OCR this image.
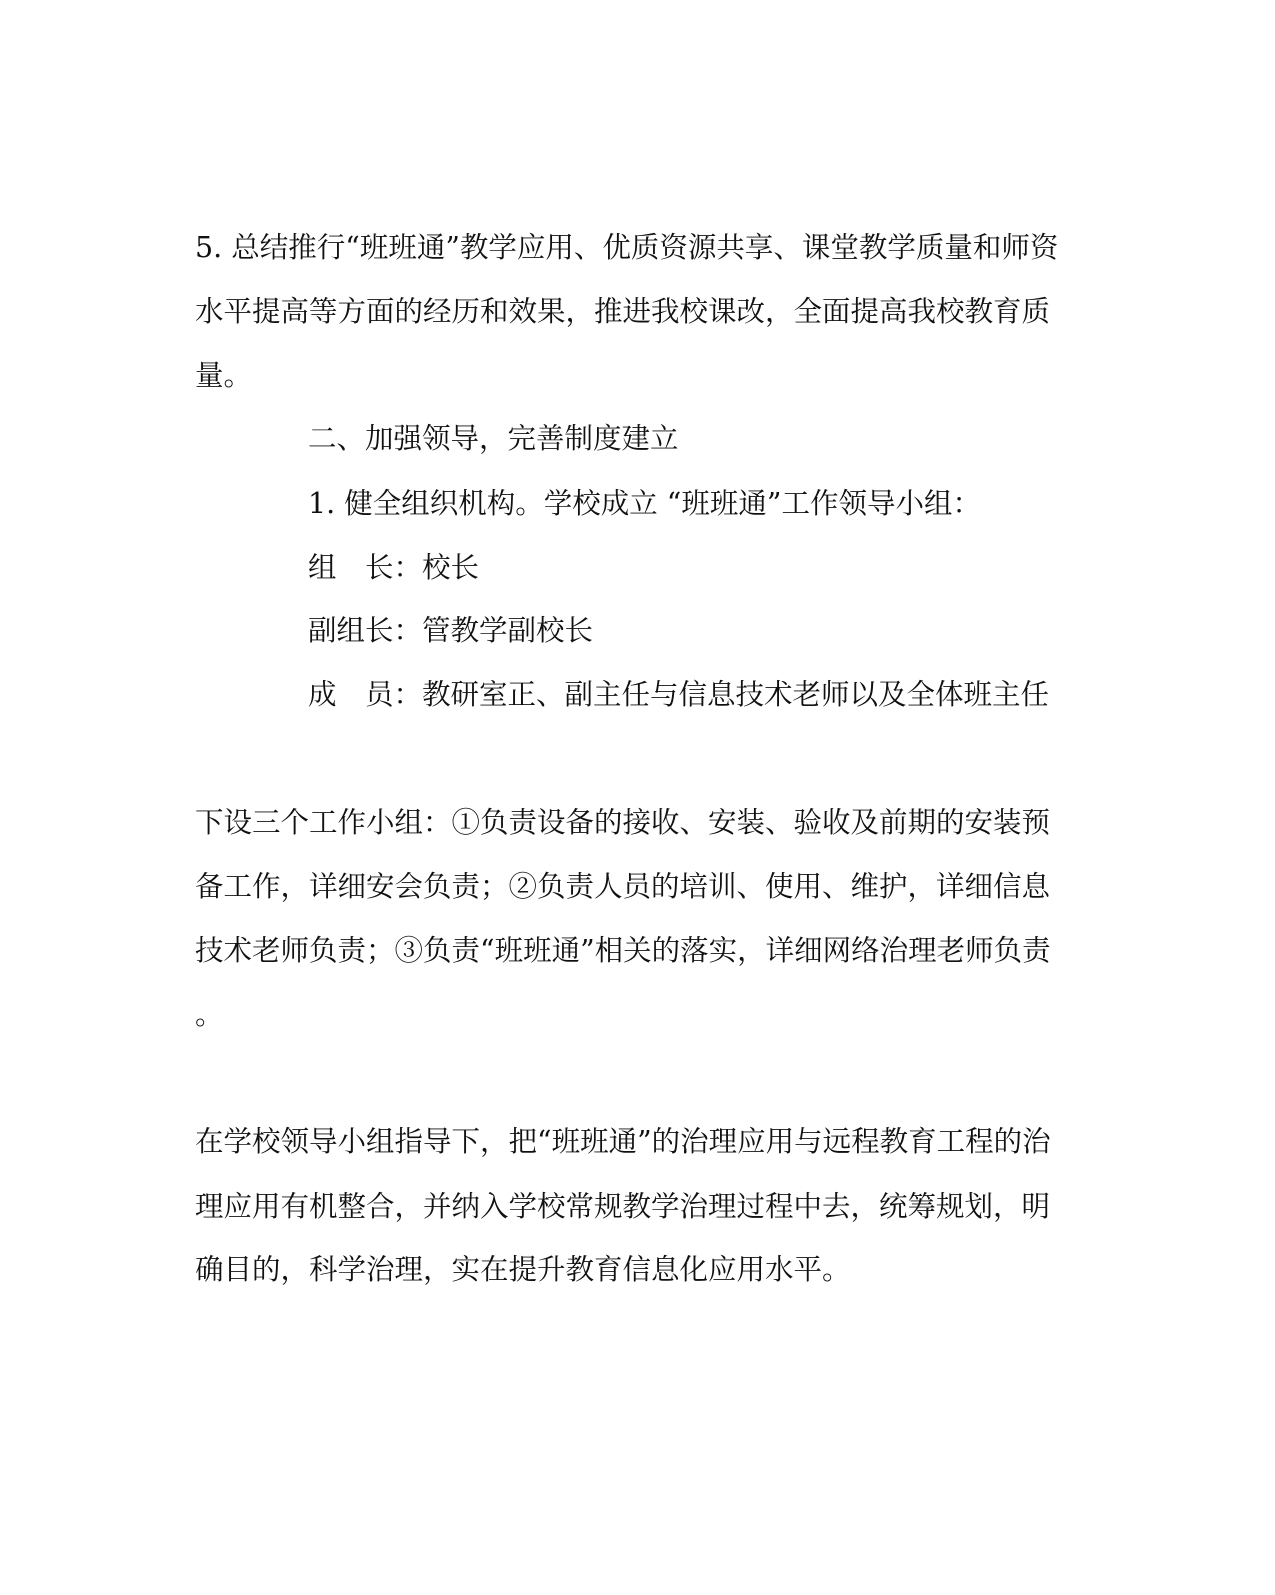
5. 总结推行“班班通”教学应用、优质资源共享、课堂教学质量和师资
水平提高等方面的经历和效果，推进我校课改，全面提高我校教育质
量。
二、加强领导，完善制度建立
1. 健全组织机构。学校成立 “班班通”工作领导小组：
组　长： 校长
副组长： 管教学副校长
成　员： 教研室正、副主任与信息技术老师以及全体班主任
下设三个工作小组：①负责设备的接收、安装、验收及前期的安装预
备工作，详细安会负责；②负责人员的培训、使用、维护，详细信息
技术老师负责；③负责“班班通”相关的落实，详细网络治理老师负责
。
在学校领导小组指导下，把“班班通”的治理应用与远程教育工程的治
理应用有机整合，并纳入学校常规教学治理过程中去，统筹规划，明
确目的，科学治理，实在提升教育信息化应用水平。
